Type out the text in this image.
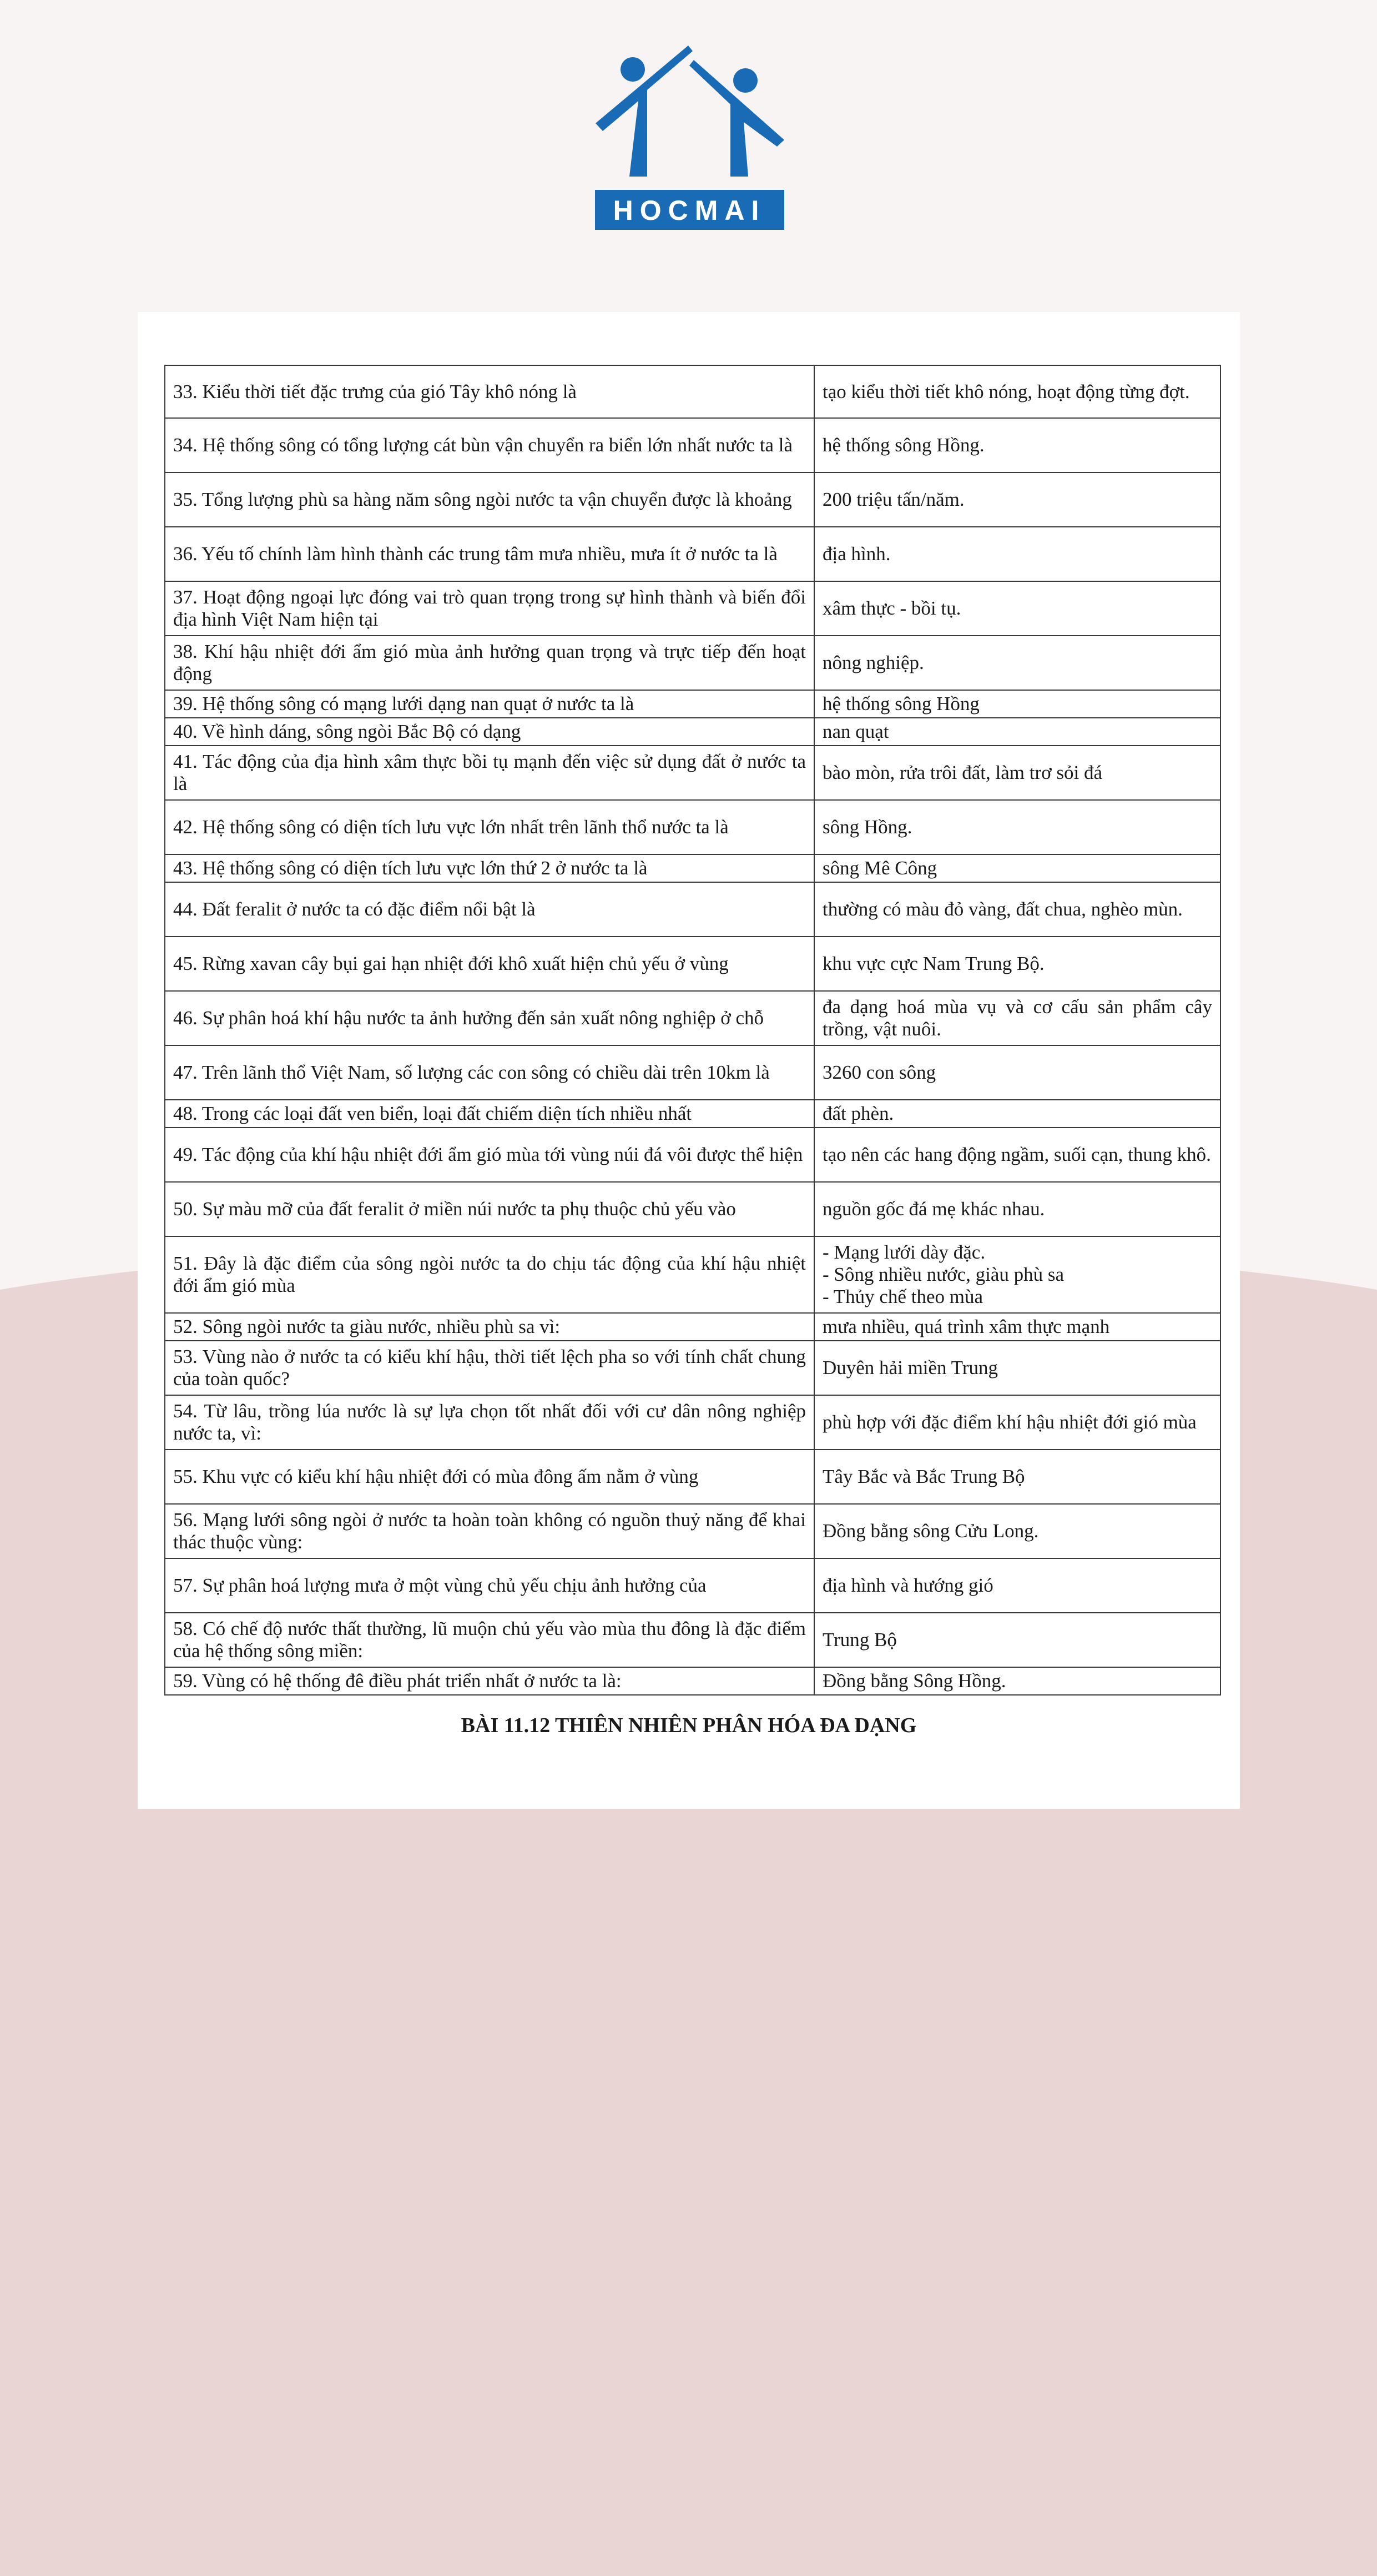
HOCMAI
33. Kiểu thời tiết đặc trưng của gió Tây khô nóng là	tạo kiểu thời tiết khô nóng, hoạt động từng đợt.

34. Hệ thống sông có tổng lượng cát bùn vận chuyển ra biển lớn nhất nước ta là	hệ thống sông Hồng.

35. Tổng lượng phù sa hàng năm sông ngòi nước ta vận chuyển được là khoảng	200 triệu tấn/năm.

36. Yếu tố chính làm hình thành các trung tâm mưa nhiều, mưa ít ở nước ta là	địa hình.

37. Hoạt động ngoại lực đóng vai trò quan trọng trong sự hình thành và biến đổi địa hình Việt Nam hiện tại	xâm thực - bồi tụ.

38. Khí hậu nhiệt đới ẩm gió mùa ảnh hưởng quan trọng và trực tiếp đến hoạt động	nông nghiệp.

39. Hệ thống sông có mạng lưới dạng nan quạt ở nước ta là	hệ thống sông Hồng

40. Về hình dáng, sông ngòi Bắc Bộ có dạng	nan quạt

41. Tác động của địa hình xâm thực bồi tụ mạnh đến việc sử dụng đất ở nước ta là	bào mòn, rửa trôi đất, làm trơ sỏi đá

42. Hệ thống sông có diện tích lưu vực lớn nhất trên lãnh thổ nước ta là	sông Hồng.

43. Hệ thống sông có diện tích lưu vực lớn thứ 2 ở nước ta là	sông Mê Công

44. Đất feralit ở nước ta có đặc điểm nổi bật là	thường có màu đỏ vàng, đất chua, nghèo mùn.

45. Rừng xavan cây bụi gai hạn nhiệt đới khô xuất hiện chủ yếu ở vùng	khu vực cực Nam Trung Bộ.

46. Sự phân hoá khí hậu nước ta ảnh hưởng đến sản xuất nông nghiệp ở chỗ	đa dạng hoá mùa vụ và cơ cấu sản phẩm cây trồng, vật nuôi.

47. Trên lãnh thổ Việt Nam, số lượng các con sông có chiều dài trên 10km là	3260 con sông

48. Trong các loại đất ven biển, loại đất chiếm diện tích nhiều nhất	đất phèn.

49. Tác động của khí hậu nhiệt đới ẩm gió mùa tới vùng núi đá vôi được thể hiện	tạo nên các hang động ngầm, suối cạn, thung khô.

50. Sự màu mỡ của đất feralit ở miền núi nước ta phụ thuộc chủ yếu vào	nguồn gốc đá mẹ khác nhau.

51. Đây là đặc điểm của sông ngòi nước ta do chịu tác động của khí hậu nhiệt đới ẩm gió mùa	- Mạng lưới dày đặc.
- Sông nhiều nước, giàu phù sa
- Thủy chế theo mùa

52. Sông ngòi nước ta giàu nước, nhiều phù sa vì:	mưa nhiều, quá trình xâm thực mạnh

53. Vùng nào ở nước ta có kiểu khí hậu, thời tiết lệch pha so với tính chất chung của toàn quốc?	Duyên hải miền Trung

54. Từ lâu, trồng lúa nước là sự lựa chọn tốt nhất đối với cư dân nông nghiệp nước ta, vì:	phù hợp với đặc điểm khí hậu nhiệt đới gió mùa

55. Khu vực có kiểu khí hậu nhiệt đới có mùa đông ấm nằm ở vùng	Tây Bắc và Bắc Trung Bộ

56. Mạng lưới sông ngòi ở nước ta hoàn toàn không có nguồn thuỷ năng để khai thác thuộc vùng:	Đồng bằng sông Cửu Long.

57. Sự phân hoá lượng mưa ở một vùng chủ yếu chịu ảnh hưởng của	địa hình và hướng gió

58. Có chế độ nước thất thường, lũ muộn chủ yếu vào mùa thu đông là đặc điểm của hệ thống sông miền:	Trung Bộ

59. Vùng có hệ thống đê điều phát triển nhất ở nước ta là:	Đồng bằng Sông Hồng.
BÀI 11.12 THIÊN NHIÊN PHÂN HÓA ĐA DẠNG
